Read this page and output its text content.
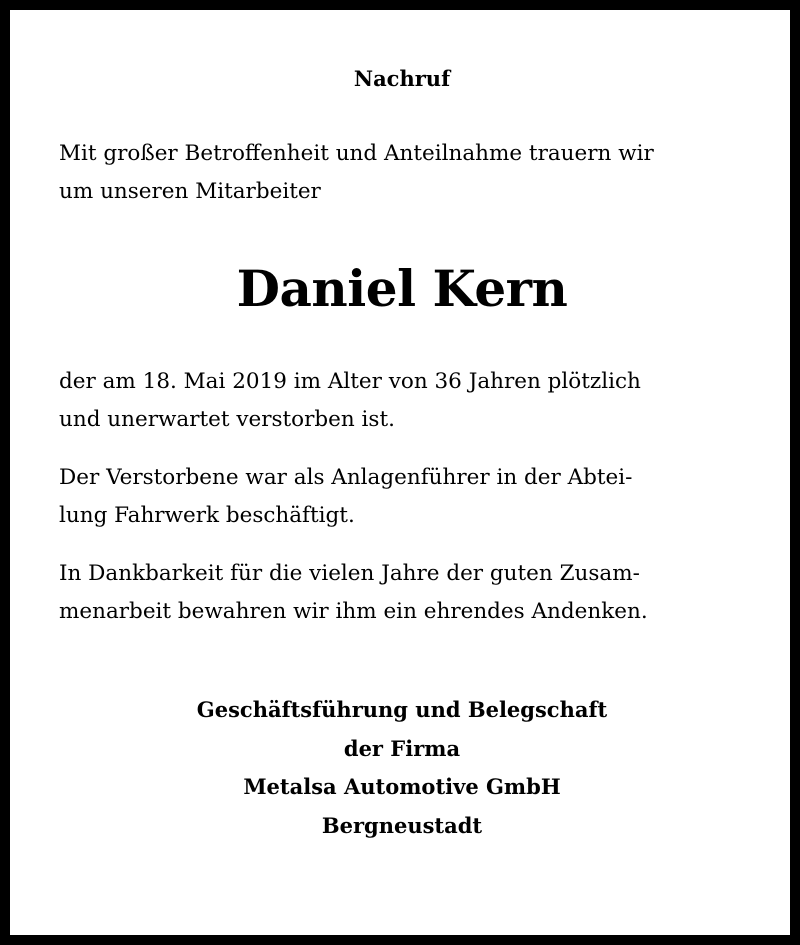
Nachruf
Mit großer Betroffenheit und Anteilnahme trauern wir
um unseren Mitarbeiter
Daniel Kern
der am 18. Mai 2019 im Alter von 36 Jahren plötzlich
und unerwartet verstorben ist.
Der Verstorbene war als Anlagenführer in der Abtei-
lung Fahrwerk beschäftigt.
In Dankbarkeit für die vielen Jahre der guten Zusam-
menarbeit bewahren wir ihm ein ehrendes Andenken.
Geschäftsführung und Belegschaft
der Firma
Metalsa Automotive GmbH
Bergneustadt
